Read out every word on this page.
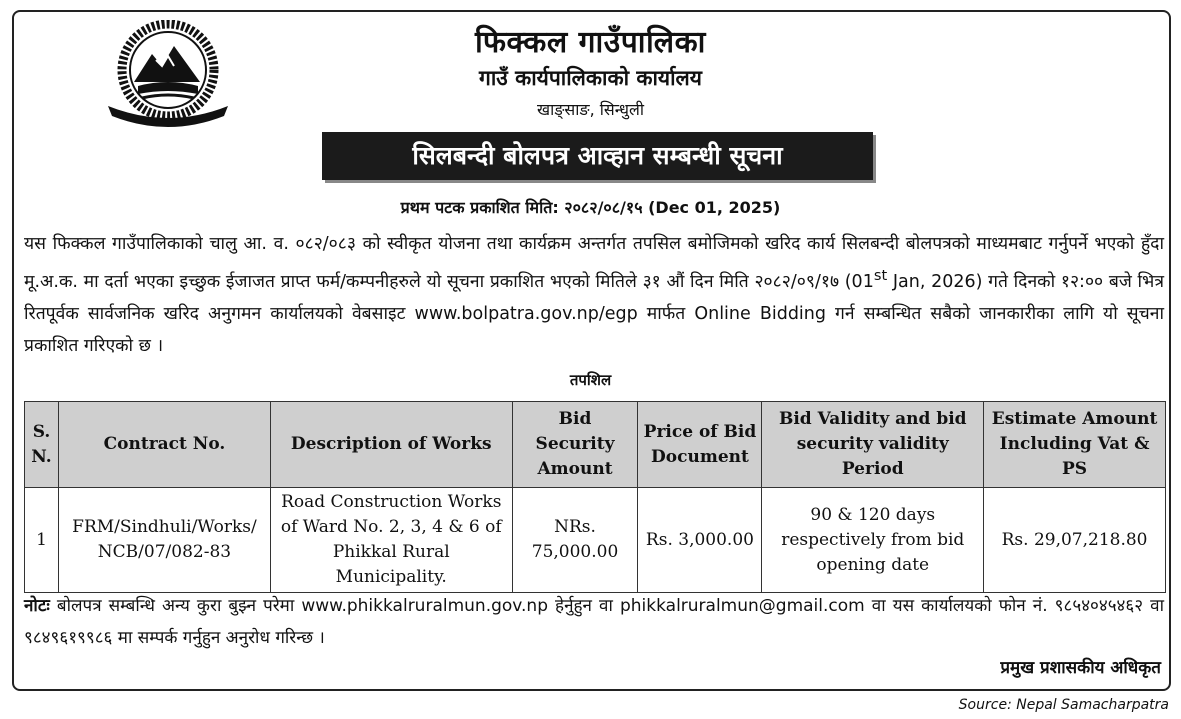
फिक्कल गाउँपालिका
गाउँ कार्यपालिकाको कार्यालय
खाङ्साङ, सिन्धुली
सिलबन्दी बोलपत्र आव्हान सम्बन्धी सूचना
प्रथम पटक प्रकाशित मिति: २०८२/०८/१५ (Dec 01, 2025)
यस फिक्कल गाउँपालिकाको चालु आ. व. ०८२/०८३ को स्वीकृत योजना तथा कार्यक्रम अन्तर्गत तपसिल बमोजिमको खरिद कार्य सिलबन्दी बोलपत्रको माध्यमबाट गर्नुपर्ने भएको हुँदा मू.अ.क. मा दर्ता भएका इच्छुक ईजाजत प्राप्त फर्म/कम्पनीहरुले यो सूचना प्रकाशित भएको मितिले ३१ औं दिन मिति २०८२/०९/१७ (01st Jan, 2026) गते दिनको १२:०० बजे भित्र रितपूर्वक सार्वजनिक खरिद अनुगमन कार्यालयको वेबसाइट www.bolpatra.gov.np/egp मार्फत Online Bidding गर्न सम्बन्धित सबैको जानकारीका लागि यो सूचना प्रकाशित गरिएको छ ।
तपशिल
S. N.	Contract No.	Description of Works	Bid Security Amount	Price of Bid Document	Bid Validity and bid security validity Period	Estimate Amount Including Vat & PS
1	FRM/Sindhuli/Works/ NCB/07/082-83	Road Construction Works of Ward No. 2, 3, 4 & 6 of Phikkal Rural Municipality.	NRs. 75,000.00	Rs. 3,000.00	90 & 120 days respectively from bid opening date	Rs. 29,07,218.80
नोटः बोलपत्र सम्बन्धि अन्य कुरा बुझ्न परेमा www.phikkalruralmun.gov.np हेर्नुहुन वा phikkalruralmun@gmail.com वा यस कार्यालयको फोन नं. ९८५४०४५४६२ वा ९८४९६१९९८६ मा सम्पर्क गर्नुहुन अनुरोध गरिन्छ ।
प्रमुख प्रशासकीय अधिकृत
Source: Nepal Samacharpatra
